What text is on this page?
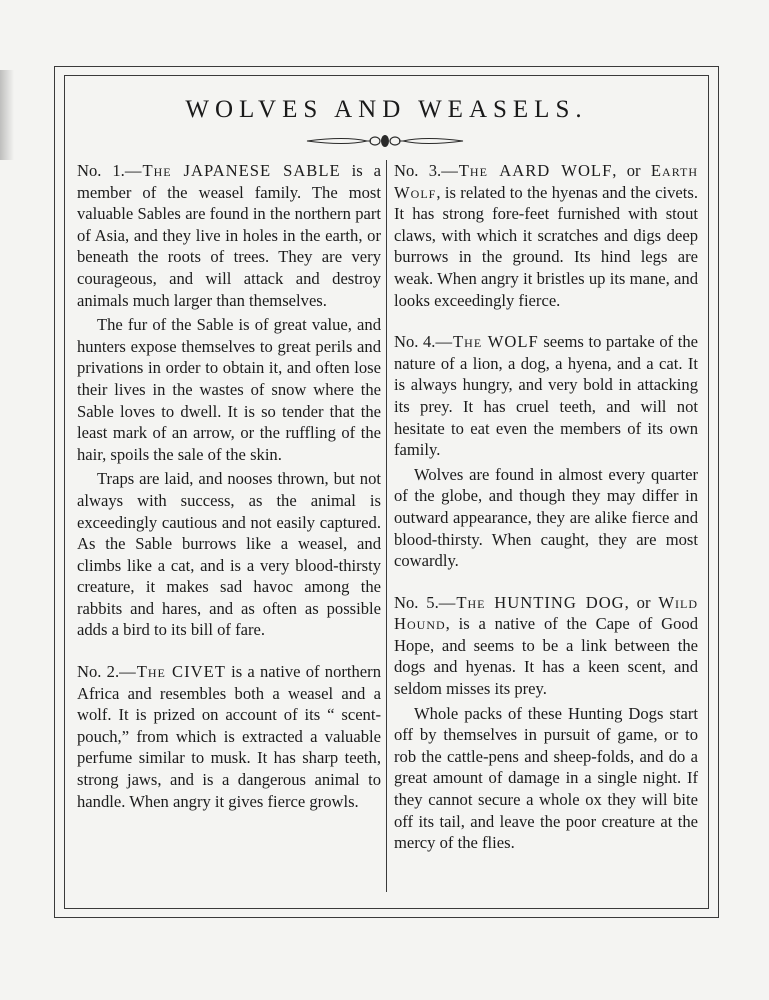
WOLVES AND WEASELS.

No. 1.—The JAPANESE SABLE is a member of the weasel family. The most valuable Sables are found in the northern part of Asia, and they live in holes in the earth, or beneath the roots of trees. They are very courageous, and will attack and destroy animals much larger than themselves.

The fur of the Sable is of great value, and hunters expose themselves to great perils and privations in order to obtain it, and often lose their lives in the wastes of snow where the Sable loves to dwell. It is so tender that the least mark of an arrow, or the ruffling of the hair, spoils the sale of the skin.

Traps are laid, and nooses thrown, but not always with success, as the animal is exceedingly cautious and not easily captured. As the Sable burrows like a weasel, and climbs like a cat, and is a very blood-thirsty creature, it makes sad havoc among the rabbits and hares, and as often as possible adds a bird to its bill of fare.

No. 2.—The CIVET is a native of northern Africa and resembles both a weasel and a wolf. It is prized on account of its “ scent-pouch,” from which is extracted a valuable perfume similar to musk. It has sharp teeth, strong jaws, and is a dangerous animal to handle. When angry it gives fierce growls.

No. 3.—The AARD WOLF, or Earth Wolf, is related to the hyenas and the civets. It has strong fore-feet furnished with stout claws, with which it scratches and digs deep burrows in the ground. Its hind legs are weak. When angry it bristles up its mane, and looks exceedingly fierce.

No. 4.—The WOLF seems to partake of the nature of a lion, a dog, a hyena, and a cat. It is always hungry, and very bold in attacking its prey. It has cruel teeth, and will not hesitate to eat even the members of its own family.

Wolves are found in almost every quarter of the globe, and though they may differ in outward appearance, they are alike fierce and blood-thirsty. When caught, they are most cowardly.

No. 5.—The HUNTING DOG, or Wild Hound, is a native of the Cape of Good Hope, and seems to be a link between the dogs and hyenas. It has a keen scent, and seldom misses its prey.

Whole packs of these Hunting Dogs start off by themselves in pursuit of game, or to rob the cattle-pens and sheep-folds, and do a great amount of damage in a single night. If they cannot secure a whole ox they will bite off its tail, and leave the poor creature at the mercy of the flies.
